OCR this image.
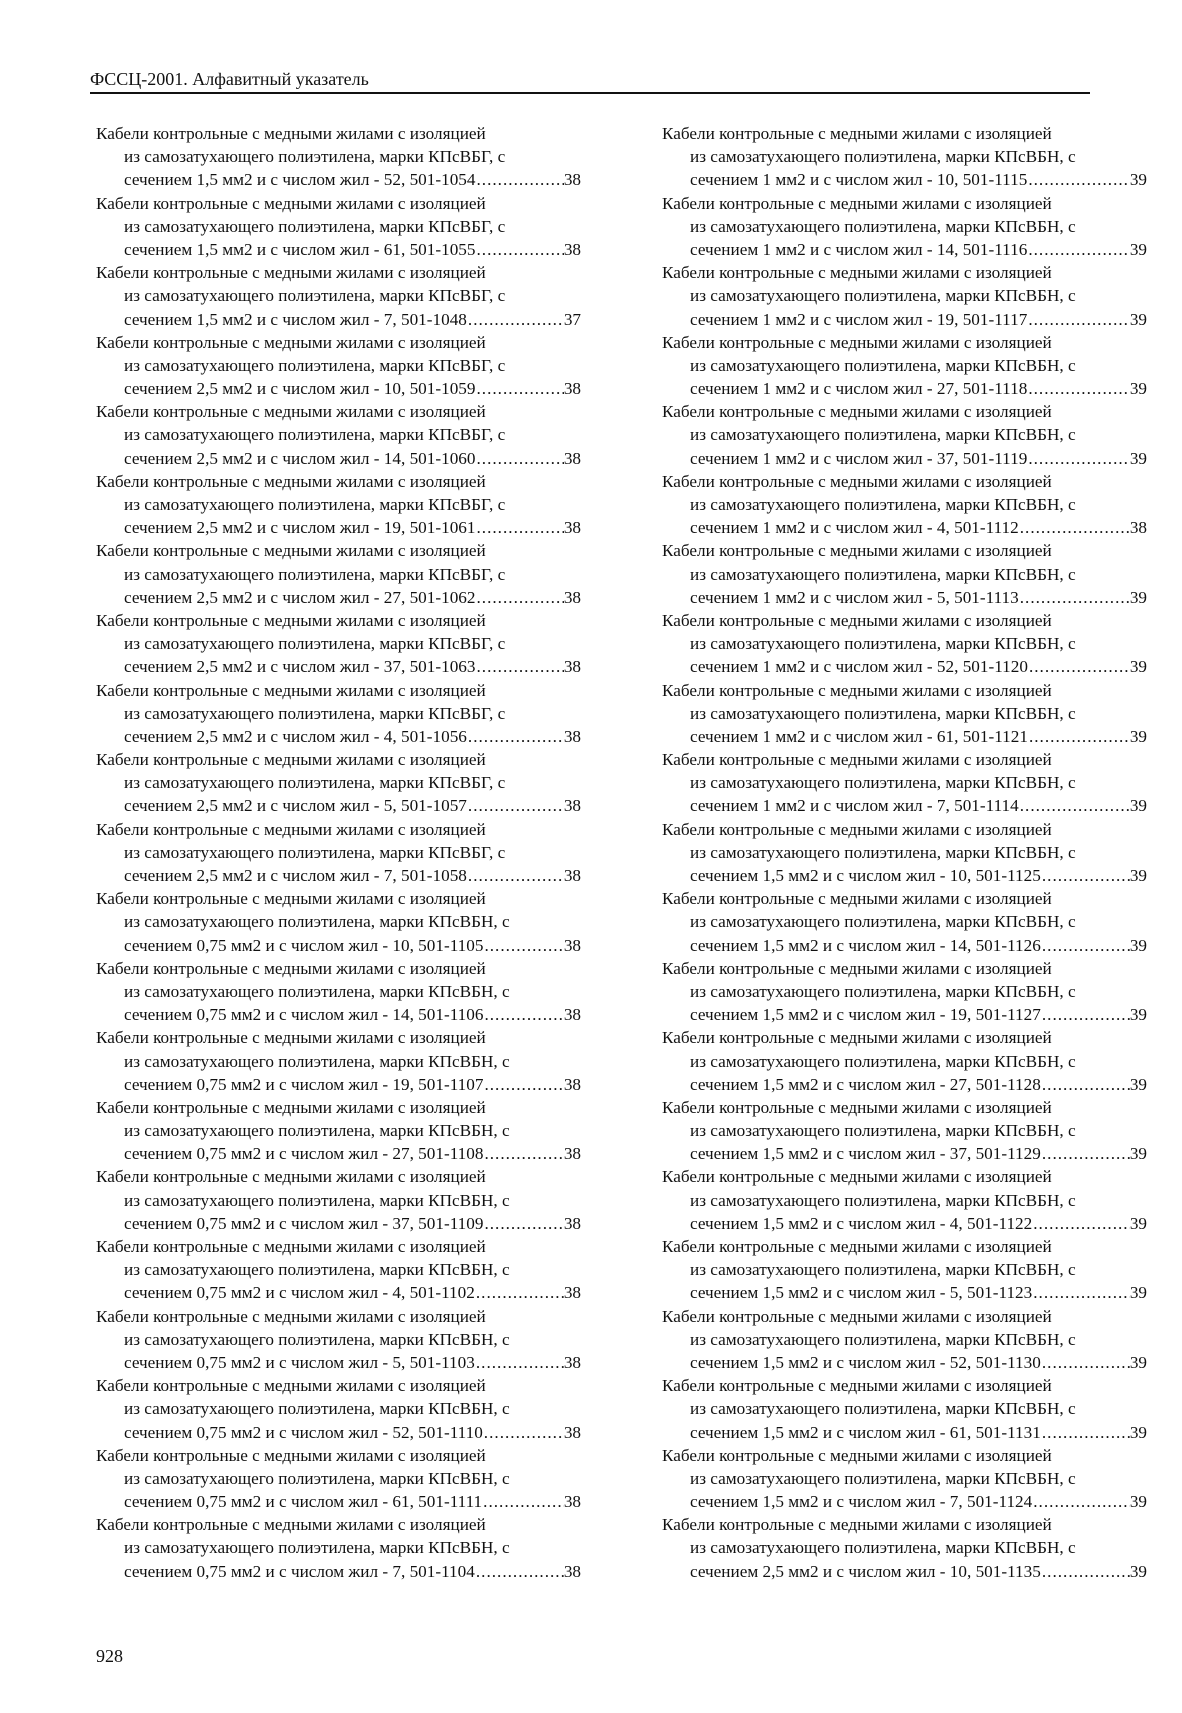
ФССЦ-2001. Алфавитный указатель
Кабели контрольные с медными жилами с изоляцией
из самозатухающего полиэтилена, марки КПсВБГ, с
сечением 1,5 мм2 и с числом жил - 52, 501-1054 .....	38
Кабели контрольные с медными жилами с изоляцией
из самозатухающего полиэтилена, марки КПсВБГ, с
сечением 1,5 мм2 и с числом жил - 61, 501-1055 .....	38
Кабели контрольные с медными жилами с изоляцией
из самозатухающего полиэтилена, марки КПсВБГ, с
сечением 1,5 мм2 и с числом жил - 7, 501-1048 .....	37
Кабели контрольные с медными жилами с изоляцией
из самозатухающего полиэтилена, марки КПсВБГ, с
сечением 2,5 мм2 и с числом жил - 10, 501-1059 .....	38
Кабели контрольные с медными жилами с изоляцией
из самозатухающего полиэтилена, марки КПсВБГ, с
сечением 2,5 мм2 и с числом жил - 14, 501-1060 .....	38
Кабели контрольные с медными жилами с изоляцией
из самозатухающего полиэтилена, марки КПсВБГ, с
сечением 2,5 мм2 и с числом жил - 19, 501-1061 .....	38
Кабели контрольные с медными жилами с изоляцией
из самозатухающего полиэтилена, марки КПсВБГ, с
сечением 2,5 мм2 и с числом жил - 27, 501-1062 .....	38
Кабели контрольные с медными жилами с изоляцией
из самозатухающего полиэтилена, марки КПсВБГ, с
сечением 2,5 мм2 и с числом жил - 37, 501-1063 .....	38
Кабели контрольные с медными жилами с изоляцией
из самозатухающего полиэтилена, марки КПсВБГ, с
сечением 2,5 мм2 и с числом жил - 4, 501-1056 .....	38
Кабели контрольные с медными жилами с изоляцией
из самозатухающего полиэтилена, марки КПсВБГ, с
сечением 2,5 мм2 и с числом жил - 5, 501-1057 .....	38
Кабели контрольные с медными жилами с изоляцией
из самозатухающего полиэтилена, марки КПсВБГ, с
сечением 2,5 мм2 и с числом жил - 7, 501-1058 .....	38
Кабели контрольные с медными жилами с изоляцией
из самозатухающего полиэтилена, марки КПсВБН, с
сечением 0,75 мм2 и с числом жил - 10, 501-1105 .....	38
Кабели контрольные с медными жилами с изоляцией
из самозатухающего полиэтилена, марки КПсВБН, с
сечением 0,75 мм2 и с числом жил - 14, 501-1106 .....	38
Кабели контрольные с медными жилами с изоляцией
из самозатухающего полиэтилена, марки КПсВБН, с
сечением 0,75 мм2 и с числом жил - 19, 501-1107 .....	38
Кабели контрольные с медными жилами с изоляцией
из самозатухающего полиэтилена, марки КПсВБН, с
сечением 0,75 мм2 и с числом жил - 27, 501-1108 .....	38
Кабели контрольные с медными жилами с изоляцией
из самозатухающего полиэтилена, марки КПсВБН, с
сечением 0,75 мм2 и с числом жил - 37, 501-1109 .....	38
Кабели контрольные с медными жилами с изоляцией
из самозатухающего полиэтилена, марки КПсВБН, с
сечением 0,75 мм2 и с числом жил - 4, 501-1102 .....	38
Кабели контрольные с медными жилами с изоляцией
из самозатухающего полиэтилена, марки КПсВБН, с
сечением 0,75 мм2 и с числом жил - 5, 501-1103 .....	38
Кабели контрольные с медными жилами с изоляцией
из самозатухающего полиэтилена, марки КПсВБН, с
сечением 0,75 мм2 и с числом жил - 52, 501-1110 .....	38
Кабели контрольные с медными жилами с изоляцией
из самозатухающего полиэтилена, марки КПсВБН, с
сечением 0,75 мм2 и с числом жил - 61, 501-1111 .....	38
Кабели контрольные с медными жилами с изоляцией
из самозатухающего полиэтилена, марки КПсВБН, с
сечением 0,75 мм2 и с числом жил - 7, 501-1104 .....	38
Кабели контрольные с медными жилами с изоляцией
из самозатухающего полиэтилена, марки КПсВБН, с
сечением 1 мм2 и с числом жил - 10, 501-1115 .....	39
Кабели контрольные с медными жилами с изоляцией
из самозатухающего полиэтилена, марки КПсВБН, с
сечением 1 мм2 и с числом жил - 14, 501-1116 .....	39
Кабели контрольные с медными жилами с изоляцией
из самозатухающего полиэтилена, марки КПсВБН, с
сечением 1 мм2 и с числом жил - 19, 501-1117 .....	39
Кабели контрольные с медными жилами с изоляцией
из самозатухающего полиэтилена, марки КПсВБН, с
сечением 1 мм2 и с числом жил - 27, 501-1118 .....	39
Кабели контрольные с медными жилами с изоляцией
из самозатухающего полиэтилена, марки КПсВБН, с
сечением 1 мм2 и с числом жил - 37, 501-1119 .....	39
Кабели контрольные с медными жилами с изоляцией
из самозатухающего полиэтилена, марки КПсВБН, с
сечением 1 мм2 и с числом жил - 4, 501-1112 .....	38
Кабели контрольные с медными жилами с изоляцией
из самозатухающего полиэтилена, марки КПсВБН, с
сечением 1 мм2 и с числом жил - 5, 501-1113 .....	39
Кабели контрольные с медными жилами с изоляцией
из самозатухающего полиэтилена, марки КПсВБН, с
сечением 1 мм2 и с числом жил - 52, 501-1120 .....	39
Кабели контрольные с медными жилами с изоляцией
из самозатухающего полиэтилена, марки КПсВБН, с
сечением 1 мм2 и с числом жил - 61, 501-1121 .....	39
Кабели контрольные с медными жилами с изоляцией
из самозатухающего полиэтилена, марки КПсВБН, с
сечением 1 мм2 и с числом жил - 7, 501-1114 .....	39
Кабели контрольные с медными жилами с изоляцией
из самозатухающего полиэтилена, марки КПсВБН, с
сечением 1,5 мм2 и с числом жил - 10, 501-1125 .....	39
Кабели контрольные с медными жилами с изоляцией
из самозатухающего полиэтилена, марки КПсВБН, с
сечением 1,5 мм2 и с числом жил - 14, 501-1126 .....	39
Кабели контрольные с медными жилами с изоляцией
из самозатухающего полиэтилена, марки КПсВБН, с
сечением 1,5 мм2 и с числом жил - 19, 501-1127 .....	39
Кабели контрольные с медными жилами с изоляцией
из самозатухающего полиэтилена, марки КПсВБН, с
сечением 1,5 мм2 и с числом жил - 27, 501-1128 .....	39
Кабели контрольные с медными жилами с изоляцией
из самозатухающего полиэтилена, марки КПсВБН, с
сечением 1,5 мм2 и с числом жил - 37, 501-1129 .....	39
Кабели контрольные с медными жилами с изоляцией
из самозатухающего полиэтилена, марки КПсВБН, с
сечением 1,5 мм2 и с числом жил - 4, 501-1122 .....	39
Кабели контрольные с медными жилами с изоляцией
из самозатухающего полиэтилена, марки КПсВБН, с
сечением 1,5 мм2 и с числом жил - 5, 501-1123 .....	39
Кабели контрольные с медными жилами с изоляцией
из самозатухающего полиэтилена, марки КПсВБН, с
сечением 1,5 мм2 и с числом жил - 52, 501-1130 .....	39
Кабели контрольные с медными жилами с изоляцией
из самозатухающего полиэтилена, марки КПсВБН, с
сечением 1,5 мм2 и с числом жил - 61, 501-1131 .....	39
Кабели контрольные с медными жилами с изоляцией
из самозатухающего полиэтилена, марки КПсВБН, с
сечением 1,5 мм2 и с числом жил - 7, 501-1124 .....	39
Кабели контрольные с медными жилами с изоляцией
из самозатухающего полиэтилена, марки КПсВБН, с
сечением 2,5 мм2 и с числом жил - 10, 501-1135 .....	39
928
